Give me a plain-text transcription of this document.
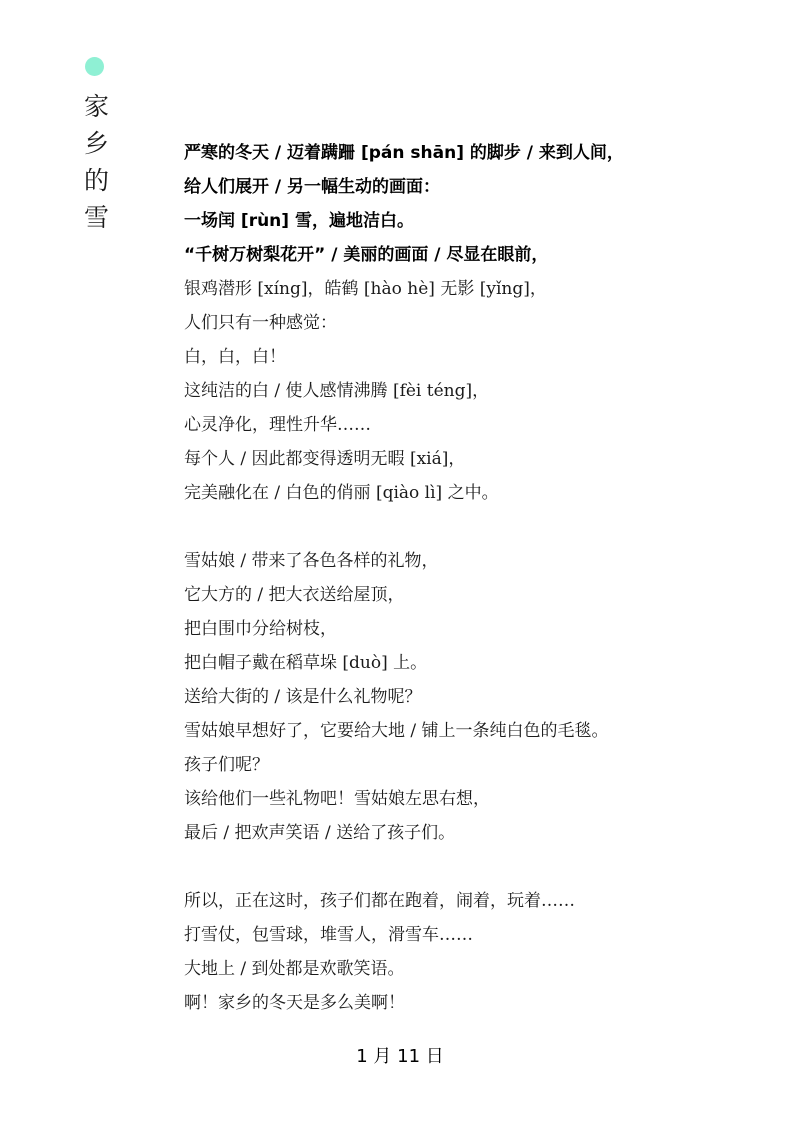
家
乡
的
雪
严寒的冬天 / 迈着蹒跚 [pán shān] 的脚步 / 来到人间，
给人们展开 / 另一幅生动的画面：
一场闰 [rùn] 雪，遍地洁白。
“千树万树梨花开” / 美丽的画面 / 尽显在眼前，
银鸡潜形 [xíng]，皓鹤 [hào hè] 无影 [yǐng]，
人们只有一种感觉：
白，白，白！
这纯洁的白 / 使人感情沸腾 [fèi téng]，
心灵净化，理性升华……
每个人 / 因此都变得透明无暇 [xiá]，
完美融化在 / 白色的俏丽 [qiào lì] 之中。
雪姑娘 / 带来了各色各样的礼物，
它大方的 / 把大衣送给屋顶，
把白围巾分给树枝，
把白帽子戴在稻草垛 [duò] 上。
送给大街的 / 该是什么礼物呢？
雪姑娘早想好了，它要给大地 / 铺上一条纯白色的毛毯。
孩子们呢？
该给他们一些礼物吧！雪姑娘左思右想，
最后 / 把欢声笑语 / 送给了孩子们。
所以，正在这时，孩子们都在跑着，闹着，玩着……
打雪仗，包雪球，堆雪人，滑雪车……
大地上 / 到处都是欢歌笑语。
啊！家乡的冬天是多么美啊！
1 月 11 日
